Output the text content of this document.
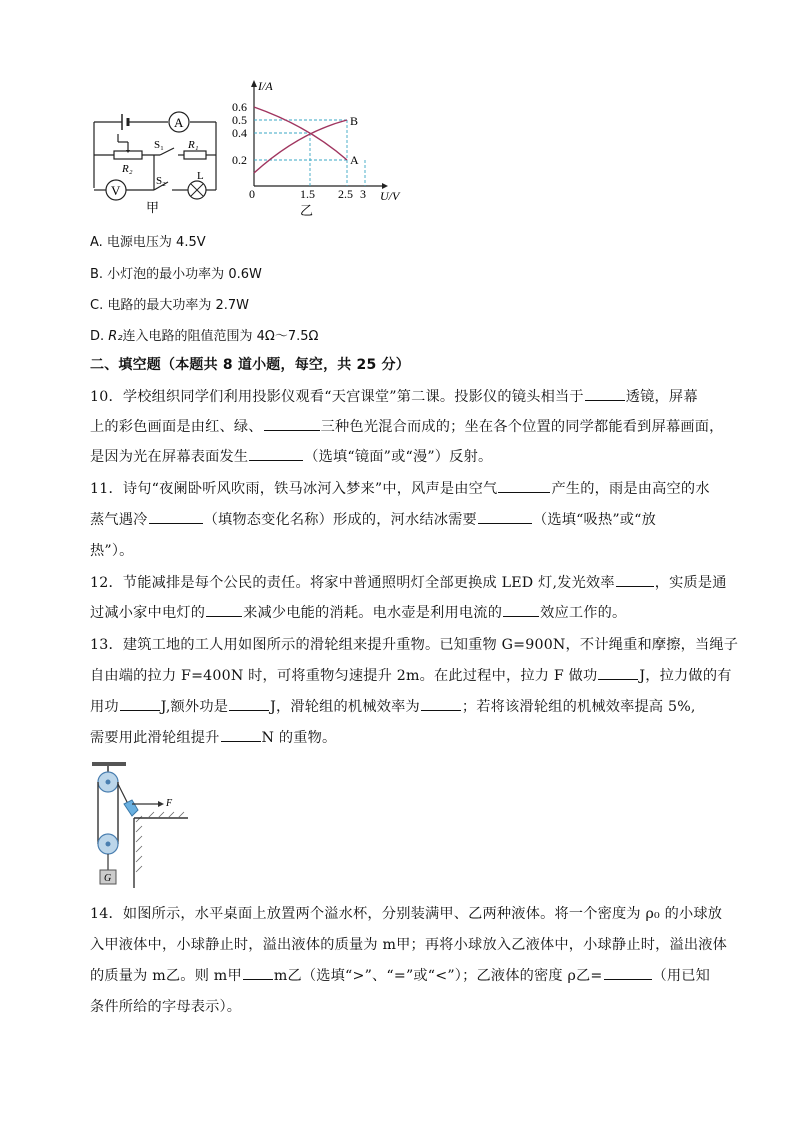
A
V
S₁
S₂
R₁
R₂
L
甲
I/A
U/V
0
0.6
0.5
0.4
0.2
1.5 2.5 3
A
B
乙
A. 电源电压为 4.5V
B. 小灯泡的最小功率为 0.6W
C. 电路的最大功率为 2.7W
D. R₂连入电路的阻值范围为 4Ω～7.5Ω
二、填空题（本题共 8 道小题，每空，共 25 分）
10．学校组织同学们利用投影仪观看“天宫课堂”第二课。投影仪的镜头相当于	透镜，屏幕
上的彩色画面是由红、绿、	三种色光混合而成的；坐在各个位置的同学都能看到屏幕画面，
是因为光在屏幕表面发生	（选填“镜面”或“漫”）反射。
11．诗句“夜阑卧听风吹雨，铁马冰河入梦来”中，风声是由空气	产生的，雨是由高空的水
蒸气遇冷	（填物态变化名称）形成的，河水结冰需要	（选填“吸热”或“放
热”）。
12．节能减排是每个公民的责任。将家中普通照明灯全部更换成 LED 灯,发光效率	，实质是通
过减小家中电灯的	来减少电能的消耗。电水壶是利用电流的	效应工作的。
13．建筑工地的工人用如图所示的滑轮组来提升重物。已知重物 G=900N，不计绳重和摩擦，当绳子
自由端的拉力 F=400N 时，可将重物匀速提升 2m。在此过程中，拉力 F 做功	J，拉力做的有
用功	J,额外功是	J，滑轮组的机械效率为	；若将该滑轮组的机械效率提高 5%,
需要用此滑轮组提升	N 的重物。
G
F
14．如图所示，水平桌面上放置两个溢水杯，分别装满甲、乙两种液体。将一个密度为 ρ₀ 的小球放
入甲液体中，小球静止时，溢出液体的质量为 m甲；再将小球放入乙液体中，小球静止时，溢出液体
的质量为 m乙。则 m甲 m乙（选填“>”、“=”或“<”）；乙液体的密度 ρ乙=	（用已知
条件所给的字母表示）。
